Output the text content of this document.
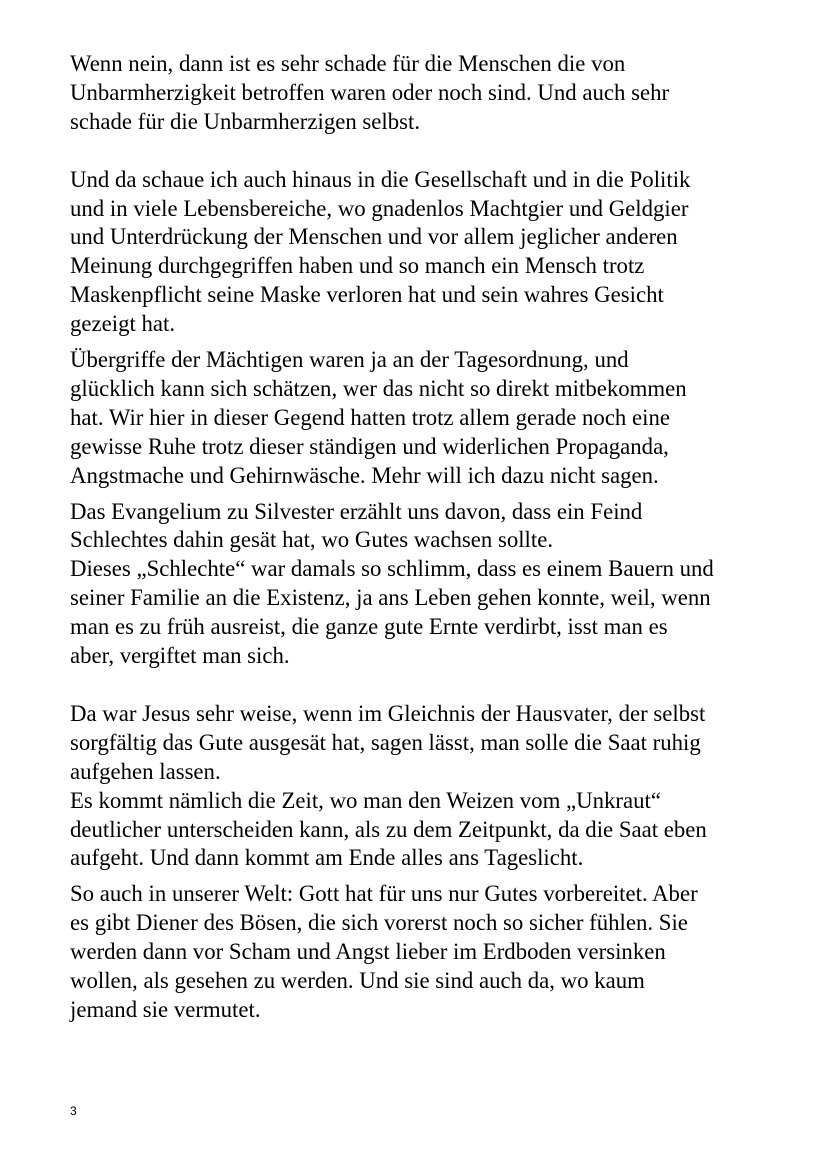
Wenn nein, dann ist es sehr schade für die Menschen die von
Unbarmherzigkeit betroffen waren oder noch sind. Und auch sehr
schade für die Unbarmherzigen selbst.
Und da schaue ich auch hinaus in die Gesellschaft und in die Politik
und in viele Lebensbereiche, wo gnadenlos Machtgier und Geldgier
und Unterdrückung der Menschen und vor allem jeglicher anderen
Meinung durchgegriffen haben und so manch ein Mensch trotz
Maskenpflicht seine Maske verloren hat und sein wahres Gesicht
gezeigt hat.
Übergriffe der Mächtigen waren ja an der Tagesordnung, und
glücklich kann sich schätzen, wer das nicht so direkt mitbekommen
hat. Wir hier in dieser Gegend hatten trotz allem gerade noch eine
gewisse Ruhe trotz dieser ständigen und widerlichen Propaganda,
Angstmache und Gehirnwäsche. Mehr will ich dazu nicht sagen.
Das Evangelium zu Silvester erzählt uns davon, dass ein Feind
Schlechtes dahin gesät hat, wo Gutes wachsen sollte.
Dieses „Schlechte“ war damals so schlimm, dass es einem Bauern und
seiner Familie an die Existenz, ja ans Leben gehen konnte, weil, wenn
man es zu früh ausreist, die ganze gute Ernte verdirbt, isst man es
aber, vergiftet man sich.
Da war Jesus sehr weise, wenn im Gleichnis der Hausvater, der selbst
sorgfältig das Gute ausgesät hat, sagen lässt, man solle die Saat ruhig
aufgehen lassen.
Es kommt nämlich die Zeit, wo man den Weizen vom „Unkraut“
deutlicher unterscheiden kann, als zu dem Zeitpunkt, da die Saat eben
aufgeht. Und dann kommt am Ende alles ans Tageslicht.
So auch in unserer Welt: Gott hat für uns nur Gutes vorbereitet. Aber
es gibt Diener des Bösen, die sich vorerst noch so sicher fühlen. Sie
werden dann vor Scham und Angst lieber im Erdboden versinken
wollen, als gesehen zu werden. Und sie sind auch da, wo kaum
jemand sie vermutet.
3
